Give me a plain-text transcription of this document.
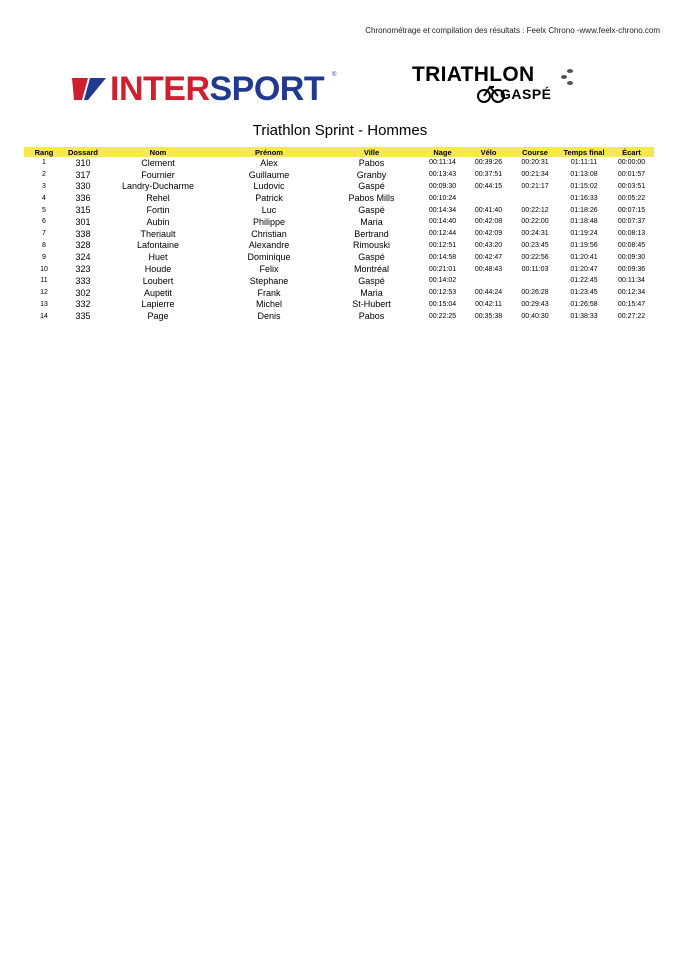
Chronométrage et compilation des résultats : Feelx Chrono -www.feelx-chrono.com
INTERSPORT ®	TRIATHLON
GASPÉ
Triathlon Sprint - Hommes
Rang	Dossard	Nom	Prénom	Ville	Nage	Vélo	Course	Temps final	Écart
1	310	Clement	Alex	Pabos	00:11:14	00:39:26	00:20:31	01:11:11	00:00:00
2	317	Fournier	Guillaume	Granby	00:13:43	00:37:51	00:21:34	01:13:08	00:01:57
3	330	Landry-Ducharme	Ludovic	Gaspé	00:09:30	00:44:15	00:21:17	01:15:02	00:03:51
4	336	Rehel	Patrick	Pabos Mills	00:10:24			01:16:33	00:05:22
5	315	Fortin	Luc	Gaspé	00:14:34	00:41:40	00:22:12	01:18:26	00:07:15
6	301	Aubin	Philippe	Maria	00:14:40	00:42:08	00:22:00	01:18:48	00:07:37
7	338	Theriault	Christian	Bertrand	00:12:44	00:42:09	00:24:31	01:19:24	00:08:13
8	328	Lafontaine	Alexandre	Rimouski	00:12:51	00:43:20	00:23:45	01:19:56	00:08:45
9	324	Huet	Dominique	Gaspé	00:14:58	00:42:47	00:22:56	01:20:41	00:09:30
10	323	Houde	Felix	Montréal	00:21:01	00:48:43	00:11:03	01:20:47	00:09:36
11	333	Loubert	Stephane	Gaspé	00:14:02			01:22:45	00:11:34
12	302	Aupetit	Frank	Maria	00:12:53	00:44:24	00:26:28	01:23:45	00:12:34
13	332	Lapierre	Michel	St-Hubert	00:15:04	00:42:11	00:29:43	01:26:58	00:15:47
14	335	Page	Denis	Pabos	00:22:25	00:35:38	00:40:30	01:38:33	00:27:22
